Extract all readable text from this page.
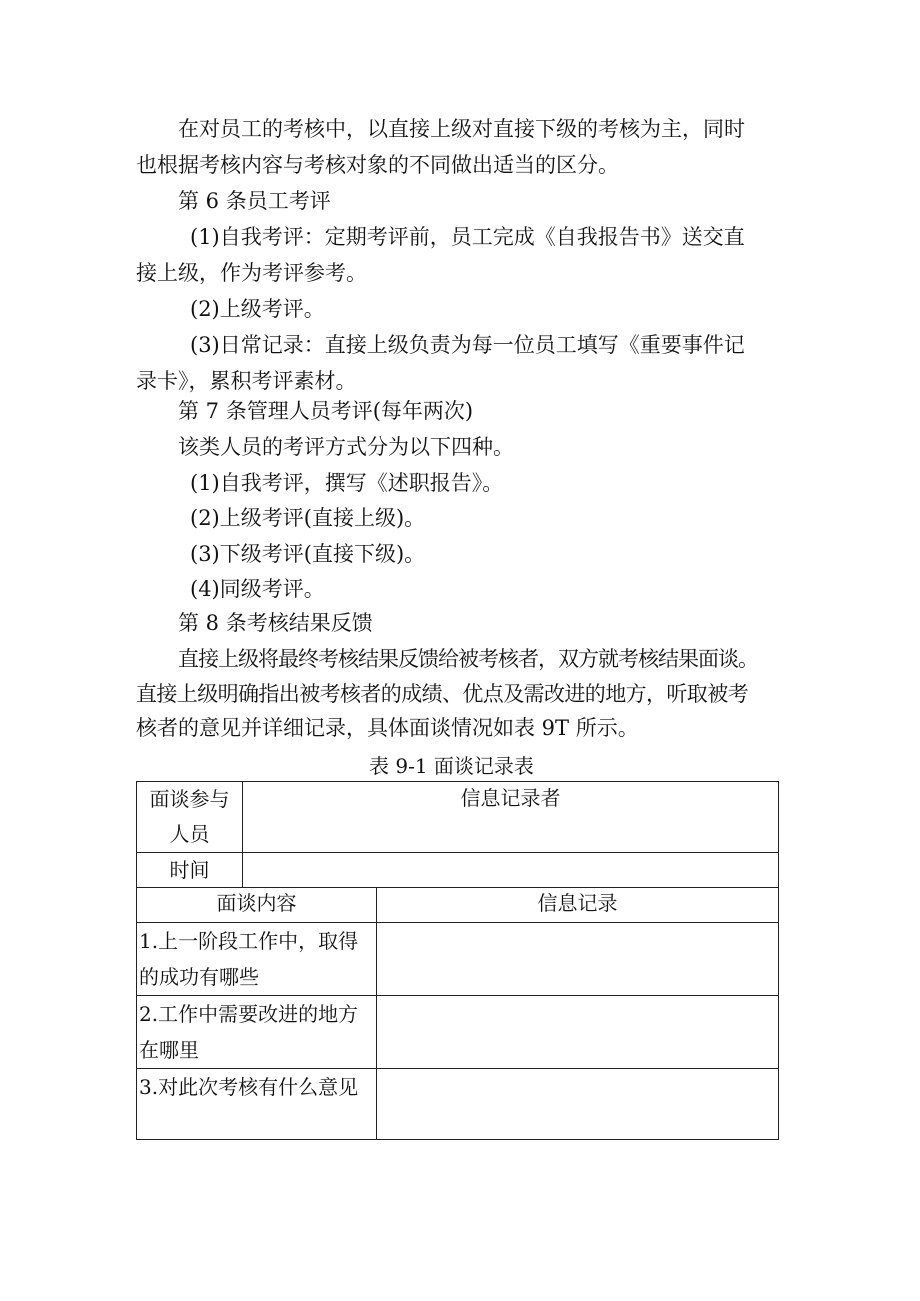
在对员工的考核中，以直接上级对直接下级的考核为主，同时

也根据考核内容与考核对象的不同做出适当的区分。

第 6 条员工考评

(1)自我考评：定期考评前，员工完成《自我报告书》送交直

接上级，作为考评参考。

(2)上级考评。

(3)日常记录：直接上级负责为每一位员工填写《重要事件记

录卡》，累积考评素材。

第 7 条管理人员考评(每年两次)

该类人员的考评方式分为以下四种。

(1)自我考评，撰写《述职报告》。

(2)上级考评(直接上级)。

(3)下级考评(直接下级)。

(4)同级考评。

第 8 条考核结果反馈

直接上级将最终考核结果反馈给被考核者，双方就考核结果面谈。

直接上级明确指出被考核者的成绩、优点及需改进的地方，听取被考

核者的意见并详细记录，具体面谈情况如表 9T 所示。

表 9-1 面谈记录表
面谈参与
人员	信息记录者	
时间		
面谈内容		信息记录

1.上一阶段工作中，取得
的成功有哪些		

2.工作中需要改进的地方
在哪里		

3.对此次考核有什么意见		
